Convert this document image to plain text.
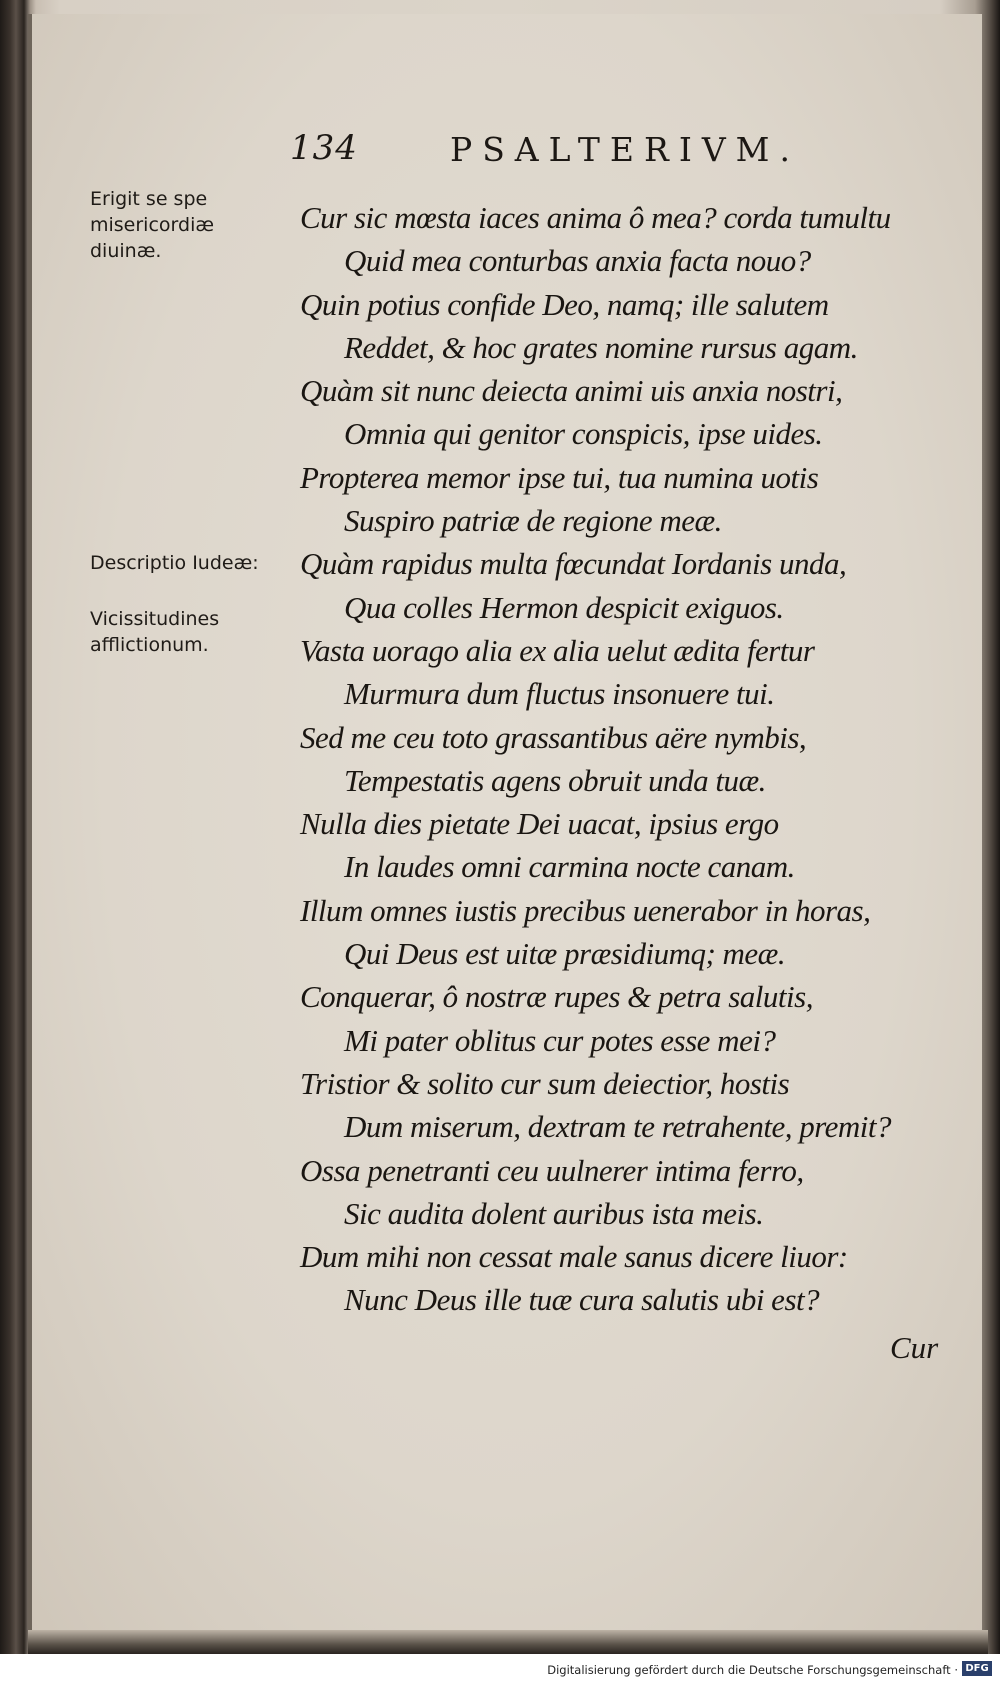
134	PSALTERIVM.
Erigit se spe misericordiæ diuinæ.
Descriptio Iudeæ:
Vicissitudines afflictionum.
Cur sic mœsta iaces anima ô mea? corda tumultu
Quid mea conturbas anxia facta nouo?
Quin potius confide Deo, namq; ille salutem
Reddet, & hoc grates nomine rursus agam.
Quàm sit nunc deiecta animi uis anxia nostri,
Omnia qui genitor conspicis, ipse uides.
Propterea memor ipse tui, tua numina uotis
Suspiro patriæ de regione meæ.
Quàm rapidus multa fœcundat Iordanis unda,
Qua colles Hermon despicit exiguos.
Vasta uorago alia ex alia uelut ædita fertur
Murmura dum fluctus insonuere tui.
Sed me ceu toto grassantibus aëre nymbis,
Tempestatis agens obruit unda tuæ.
Nulla dies pietate Dei uacat, ipsius ergo
In laudes omni carmina nocte canam.
Illum omnes iustis precibus uenerabor in horas,
Qui Deus est uitæ præsidiumq; meæ.
Conquerar, ô nostræ rupes & petra salutis,
Mi pater oblitus cur potes esse mei?
Tristior & solito cur sum deiectior, hostis
Dum miserum, dextram te retrahente, premit?
Ossa penetranti ceu uulnerer intima ferro,
Sic audita dolent auribus ista meis.
Dum mihi non cessat male sanus dicere liuor:
Nunc Deus ille tuæ cura salutis ubi est?
Cur
Digitalisierung gefördert durch die Deutsche Forschungsgemeinschaft · DFG
